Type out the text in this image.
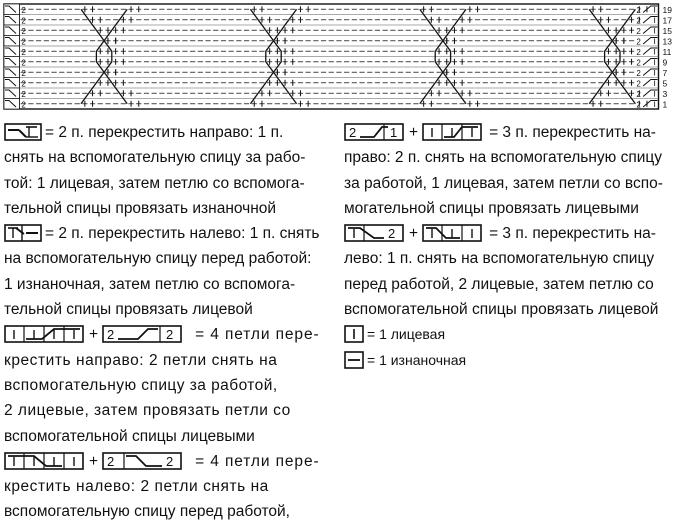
2	2
2	2
2	2
2	2
2	2
2	2
2	2
2	2
2	2
2	2
19
17
15
13
11
9
7
5
3
1
= 2 п. перекрестить направо: 1 п.
снять на вспомогательную спицу за рабо-
той: 1 лицевая, затем петлю со вспомога-
тельной спицы провязать изнаночной
= 2 п. перекрестить налево: 1 п. снять
на вспомогательную спицу перед работой:
1 изнаночная, затем петлю со вспомога-
тельной спицы провязать лицевой
+ 2	2 = 4 петли пере-
крестить направо: 2 петли снять на
вспомогательную спицу за работой,
2 лицевые, затем провязать петли со
вспомогательной спицы лицевыми
+ 2	2 = 4 петли пере-
крестить налево: 2 петли снять на
вспомогательную спицу перед работой,
2	1 +	= 3 п. перекрестить на-
право: 2 п. снять на вспомогательную спицу
за работой, 1 лицевая, затем петли со вспо-
могательной спицы провязать лицевыми
2 +	= 3 п. перекрестить на-
лево: 1 п. снять на вспомогательную спицу
перед работой, 2 лицевые, затем петлю со
вспомогательной спицы провязать лицевой
= 1 лицевая
= 1 изнаночная
